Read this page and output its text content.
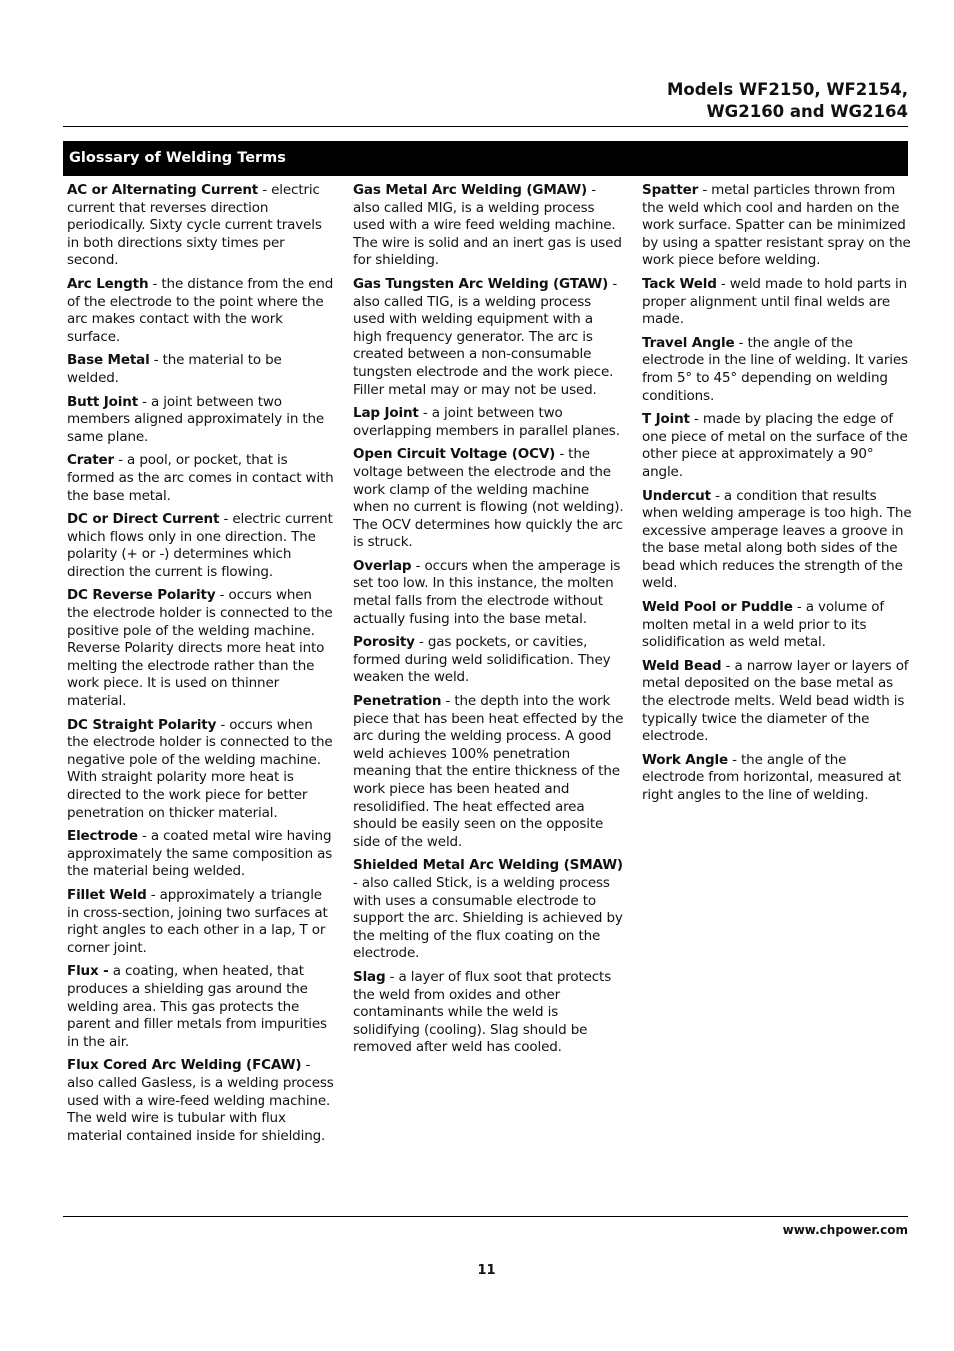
Models WF2150, WF2154,
WG2160 and WG2164
Glossary of Welding Terms
AC or Alternating Current - electric current that reverses direction periodically. Sixty cycle current travels in both directions sixty times per second.
Arc Length - the distance from the end of the electrode to the point where the arc makes contact with the work surface.
Base Metal - the material to be welded.
Butt Joint - a joint between two members aligned approximately in the same plane.
Crater - a pool, or pocket, that is formed as the arc comes in contact with the base metal.
DC or Direct Current - electric current which flows only in one direction. The polarity (+ or -) determines which direction the current is flowing.
DC Reverse Polarity - occurs when the electrode holder is connected to the positive pole of the welding machine. Reverse Polarity directs more heat into melting the electrode rather than the work piece. It is used on thinner material.
DC Straight Polarity - occurs when the electrode holder is connected to the negative pole of the welding machine. With straight polarity more heat is directed to the work piece for better penetration on thicker material.
Electrode - a coated metal wire having approximately the same composition as the material being welded.
Fillet Weld - approximately a triangle in cross-section, joining two surfaces at right angles to each other in a lap, T or corner joint.
Flux - a coating, when heated, that produces a shielding gas around the welding area. This gas protects the parent and filler metals from impurities in the air.
Flux Cored Arc Welding (FCAW) - also called Gasless, is a welding process used with a wire-feed welding machine. The weld wire is tubular with flux material contained inside for shielding.
Gas Metal Arc Welding (GMAW) - also called MIG, is a welding process used with a wire feed welding machine. The wire is solid and an inert gas is used for shielding.
Gas Tungsten Arc Welding (GTAW) - also called TIG, is a welding process used with welding equipment with a high frequency generator. The arc is created between a non-consumable tungsten electrode and the work piece. Filler metal may or may not be used.
Lap Joint - a joint between two overlapping members in parallel planes.
Open Circuit Voltage (OCV) - the voltage between the electrode and the work clamp of the welding machine when no current is flowing (not welding). The OCV determines how quickly the arc is struck.
Overlap - occurs when the amperage is set too low. In this instance, the molten metal falls from the electrode without actually fusing into the base metal.
Porosity - gas pockets, or cavities, formed during weld solidification. They weaken the weld.
Penetration - the depth into the work piece that has been heat effected by the arc during the welding process. A good weld achieves 100% penetration meaning that the entire thickness of the work piece has been heated and resolidified. The heat effected area should be easily seen on the opposite side of the weld.
Shielded Metal Arc Welding (SMAW) - also called Stick, is a welding process with uses a consumable electrode to support the arc. Shielding is achieved by the melting of the flux coating on the electrode.
Slag - a layer of flux soot that protects the weld from oxides and other contaminants while the weld is solidifying (cooling). Slag should be removed after weld has cooled.
Spatter - metal particles thrown from the weld which cool and harden on the work surface. Spatter can be minimized by using a spatter resistant spray on the work piece before welding.
Tack Weld - weld made to hold parts in proper alignment until final welds are made.
Travel Angle - the angle of the electrode in the line of welding. It varies from 5° to 45° depending on welding conditions.
T Joint - made by placing the edge of one piece of metal on the surface of the other piece at approximately a 90° angle.
Undercut - a condition that results when welding amperage is too high. The excessive amperage leaves a groove in the base metal along both sides of the bead which reduces the strength of the weld.
Weld Pool or Puddle - a volume of molten metal in a weld prior to its solidification as weld metal.
Weld Bead - a narrow layer or layers of metal deposited on the base metal as the electrode melts. Weld bead width is typically twice the diameter of the electrode.
Work Angle - the angle of the electrode from horizontal, measured at right angles to the line of welding.
www.chpower.com
11
